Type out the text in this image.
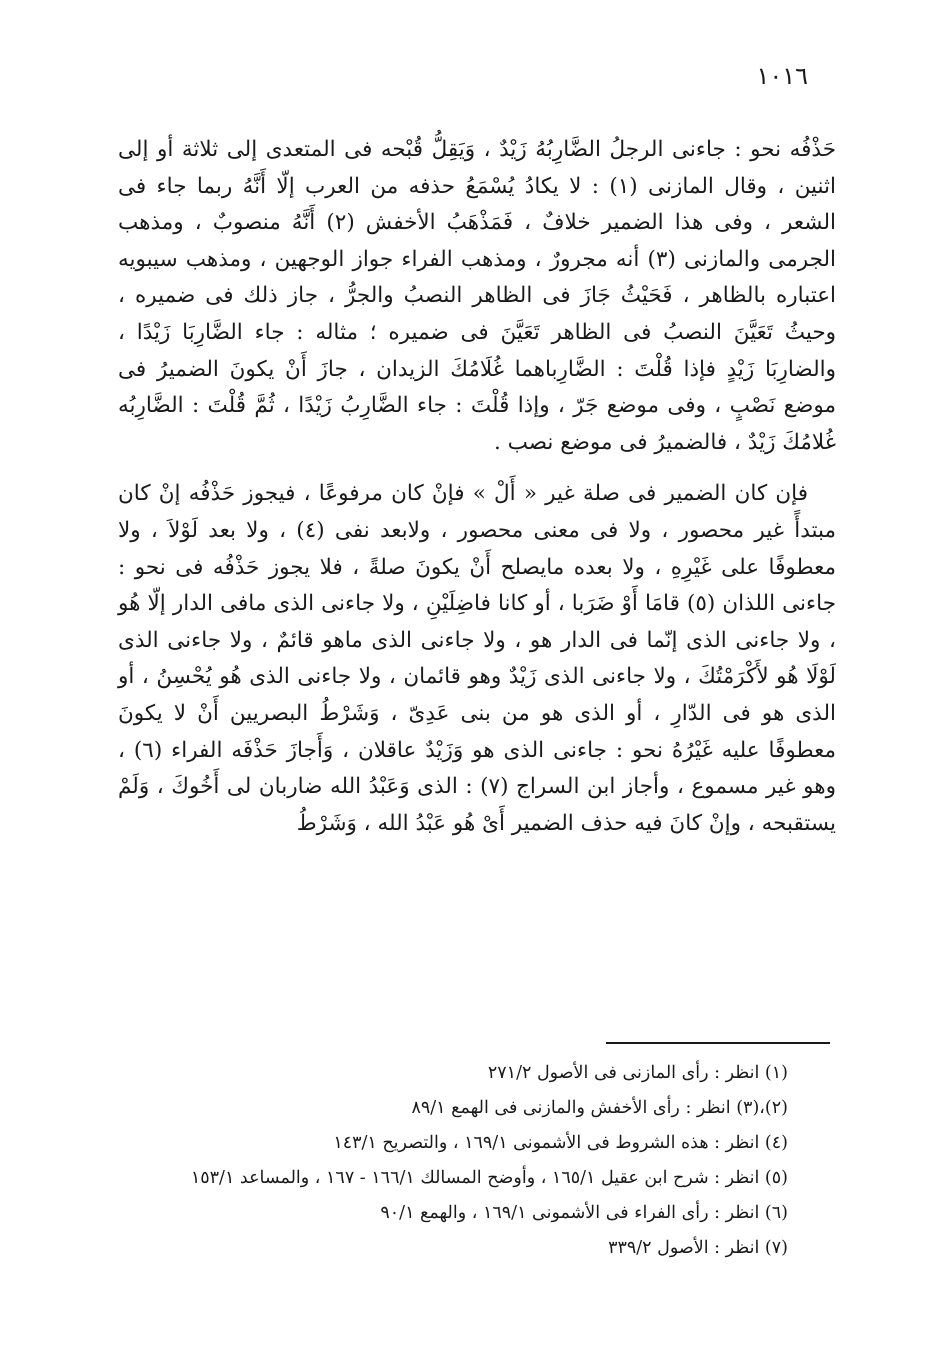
١٠١٦

حَذْفُه نحو : جاءنى الرجلُ الضَّارِبُهُ زَيْدٌ ، وَيَقِلُّ قُبْحه فى المتعدى إلى ثلاثة أو إلى اثنين ، وقال المازنى (١) : لا يكادُ يُسْمَعُ حذفه من العرب إلّا أَنَّهُ ربما جاء فى الشعر ، وفى هذا الضمير خلافٌ ، فَمَذْهَبُ الأخفش (٢) أَنَّهُ منصوبٌ ، ومذهب الجرمى والمازنى (٣) أنه مجرورٌ ، ومذهب الفراء جواز الوجهين ، ومذهب سيبويه اعتباره بالظاهر ، فَحَيْثُ جَازَ فى الظاهر النصبُ والجرُّ ، جاز ذلك فى ضميره ، وحيثُ تَعَيَّنَ النصبُ فى الظاهر تَعَيَّنَ فى ضميره ؛ مثاله : جاء الضَّارِبَا زَيْدًا ، والضارِبَا زَيْدٍ فإذا قُلْتَ : الضَّارِباهما غُلَامُكَ الزيدان ، جازَ أَنْ يكونَ الضميرُ فى موضع نَصْبٍ ، وفى موضع جَرّ ، وإذا قُلْتَ : جاء الضَّارِبُ زَيْدًا ، ثُمَّ قُلْتَ : الضَّارِبُه غُلامُكَ زَيْدٌ ، فالضميرُ فى موضع نصب .

فإن كان الضمير فى صلة غير « أَلْ » فإنْ كان مرفوعًا ، فيجوز حَذْفُه إنْ كان مبتدأً غير محصور ، ولا فى معنى محصور ، ولابعد نفى (٤) ، ولا بعد لَوْلاَ ، ولا معطوفًا على غَيْرِهِ ، ولا بعده مايصلح أَنْ يكونَ صلةً ، فلا يجوز حَذْفُه فى نحو : جاءنى اللذان (٥) قامَا أَوْ ضَرَبا ، أو كانا فاضِلَيْنِ ، ولا جاءنى الذى مافى الدار إلّا هُو ، ولا جاءنى الذى إنّما فى الدار هو ، ولا جاءنى الذى ماهو قائمٌ ، ولا جاءنى الذى لَوْلَا هُو لأَكْرَمْتُكَ ، ولا جاءنى الذى زَيْدٌ وهو قائمان ، ولا جاءنى الذى هُو يُحْسِنُ ، أو الذى هو فى الدّارِ ، أو الذى هو من بنى عَدِىّ ، وَشَرْطُ البصريين أَنْ لا يكونَ معطوفًا عليه غَيْرُهُ نحو : جاءنى الذى هو وَزَيْدٌ عاقلان ، وَأَجازَ حَذْفَه الفراء (٦) ، وهو غير مسموع ، وأجاز ابن السراج (٧) : الذى وَعَبْدُ الله ضاربان لى أَخُوكَ ، وَلَمْ يستقبحه ، وإنْ كانَ فيه حذف الضمير أَىْ هُو عَبْدُ الله ، وَشَرْطُ

(١) انظر : رأى المازنى فى الأصول ٢٧١/٢
(٢)،(٣) انظر : رأى الأخفش والمازنى فى الهمع ٨٩/١
(٤) انظر : هذه الشروط فى الأشمونى ١٦٩/١ ، والتصريح ١٤٣/١
(٥) انظر : شرح ابن عقيل ١٦٥/١ ، وأوضح المسالك ١٦٦/١ - ١٦٧ ، والمساعد ١٥٣/١
(٦) انظر : رأى الفراء فى الأشمونى ١٦٩/١ ، والهمع ٩٠/١
(٧) انظر : الأصول ٣٣٩/٢
